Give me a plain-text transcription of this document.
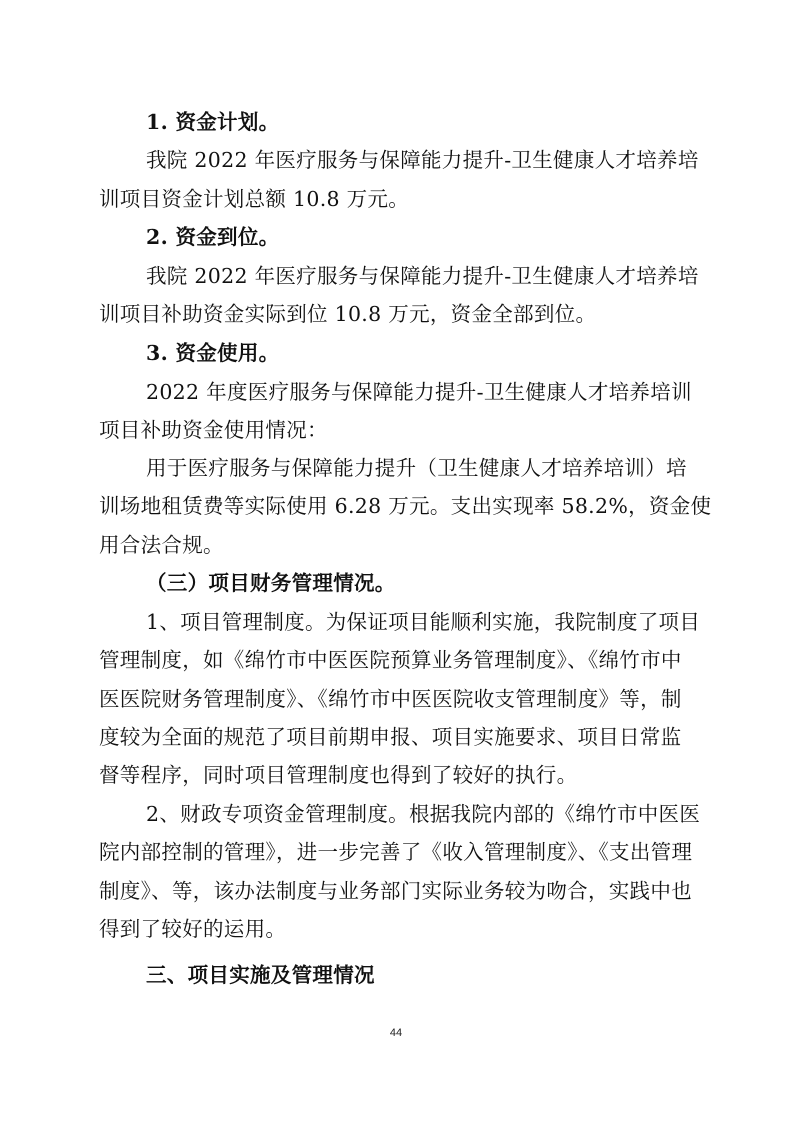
1. 资金计划。
我院 2022 年医疗服务与保障能力提升-卫生健康人才培养培
训项目资金计划总额 10.8 万元。
2. 资金到位。
我院 2022 年医疗服务与保障能力提升-卫生健康人才培养培
训项目补助资金实际到位 10.8 万元，资金全部到位。
3. 资金使用。
2022 年度医疗服务与保障能力提升-卫生健康人才培养培训
项目补助资金使用情况：
用于医疗服务与保障能力提升（卫生健康人才培养培训）培
训场地租赁费等实际使用 6.28 万元。支出实现率 58.2%，资金使
用合法合规。
（三）项目财务管理情况。
1、项目管理制度。为保证项目能顺利实施，我院制度了项目
管理制度，如《绵竹市中医医院预算业务管理制度》、《绵竹市中
医医院财务管理制度》、《绵竹市中医医院收支管理制度》等，制
度较为全面的规范了项目前期申报、项目实施要求、项目日常监
督等程序，同时项目管理制度也得到了较好的执行。
2、财政专项资金管理制度。根据我院内部的《绵竹市中医医
院内部控制的管理》，进一步完善了《收入管理制度》、《支出管理
制度》、等，该办法制度与业务部门实际业务较为吻合，实践中也
得到了较好的运用。
三、项目实施及管理情况
44
